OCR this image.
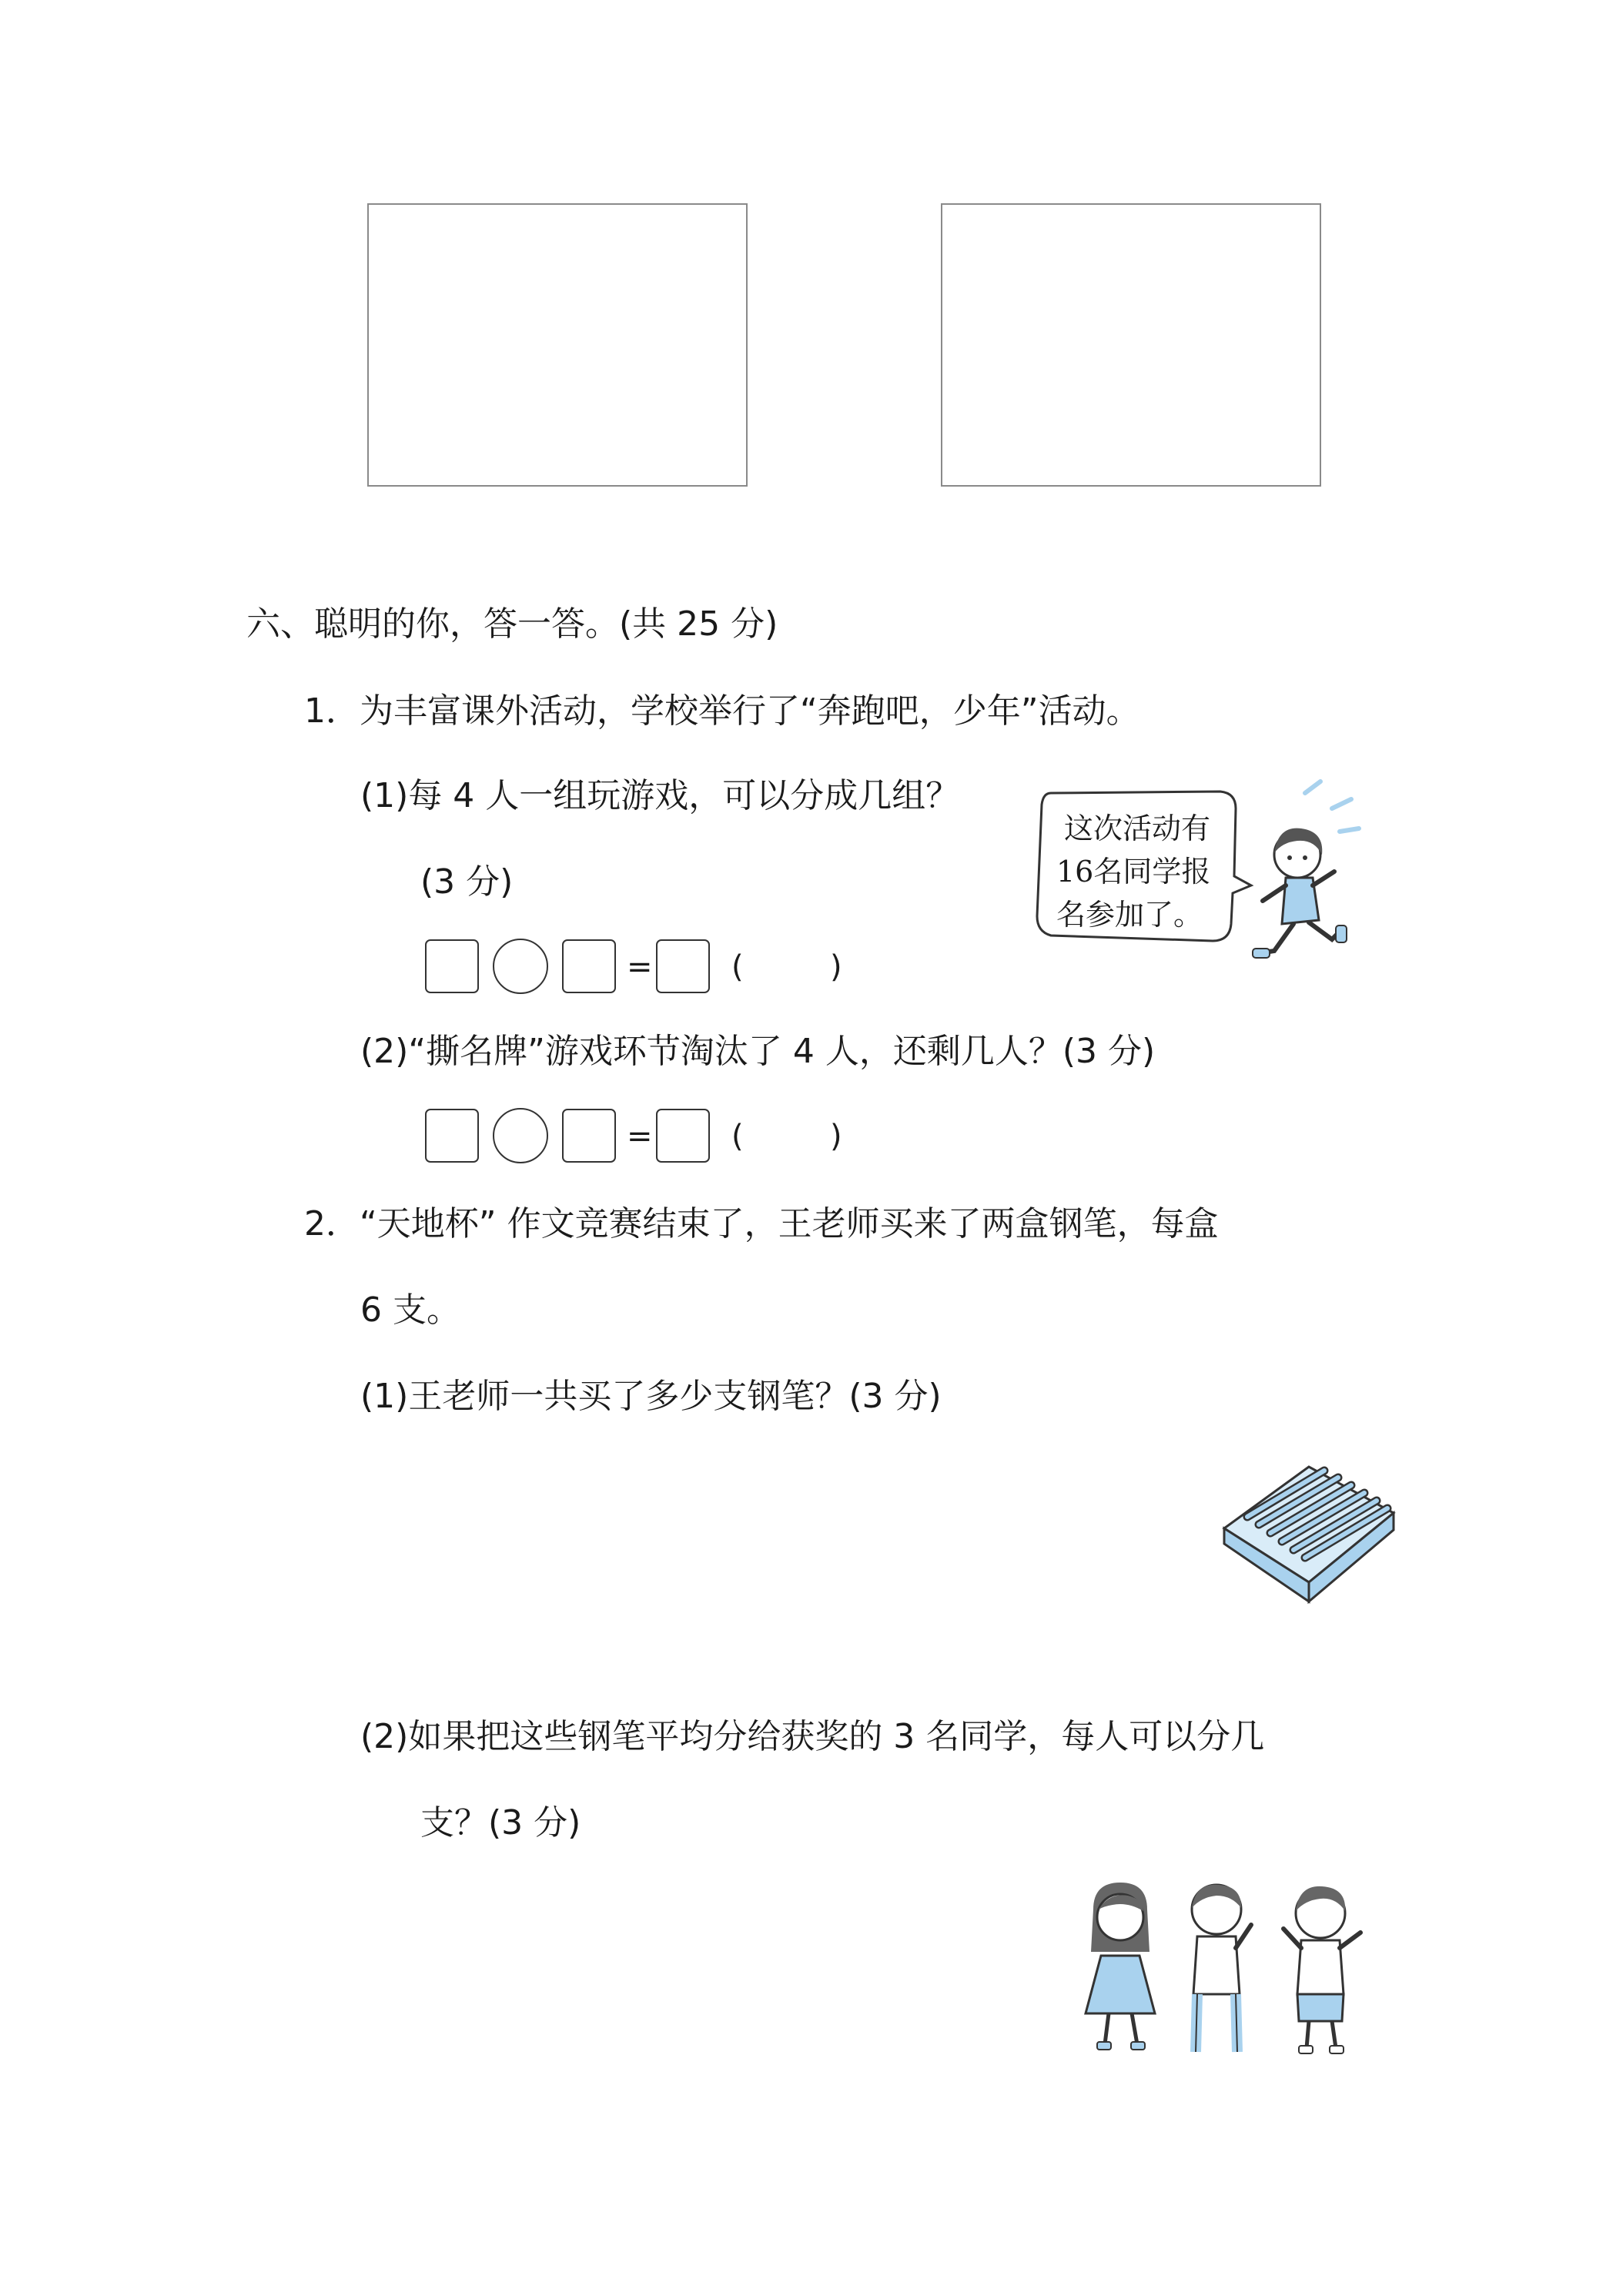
六、聪明的你，答一答。(共 25 分)
1．为丰富课外活动，学校举行了“奔跑吧，少年”活动。
(1)每 4 人一组玩游戏，可以分成几组？
(3 分)
=	(	)
这次活动有
16名同学报
名参加了。
(2)“撕名牌”游戏环节淘汰了 4 人，还剩几人？(3 分)
=	(	)
2．“天地杯” 作文竞赛结束了，王老师买来了两盒钢笔，每盒
6 支。
(1)王老师一共买了多少支钢笔？(3 分)
(2)如果把这些钢笔平均分给获奖的 3 名同学，每人可以分几
支？(3 分)
